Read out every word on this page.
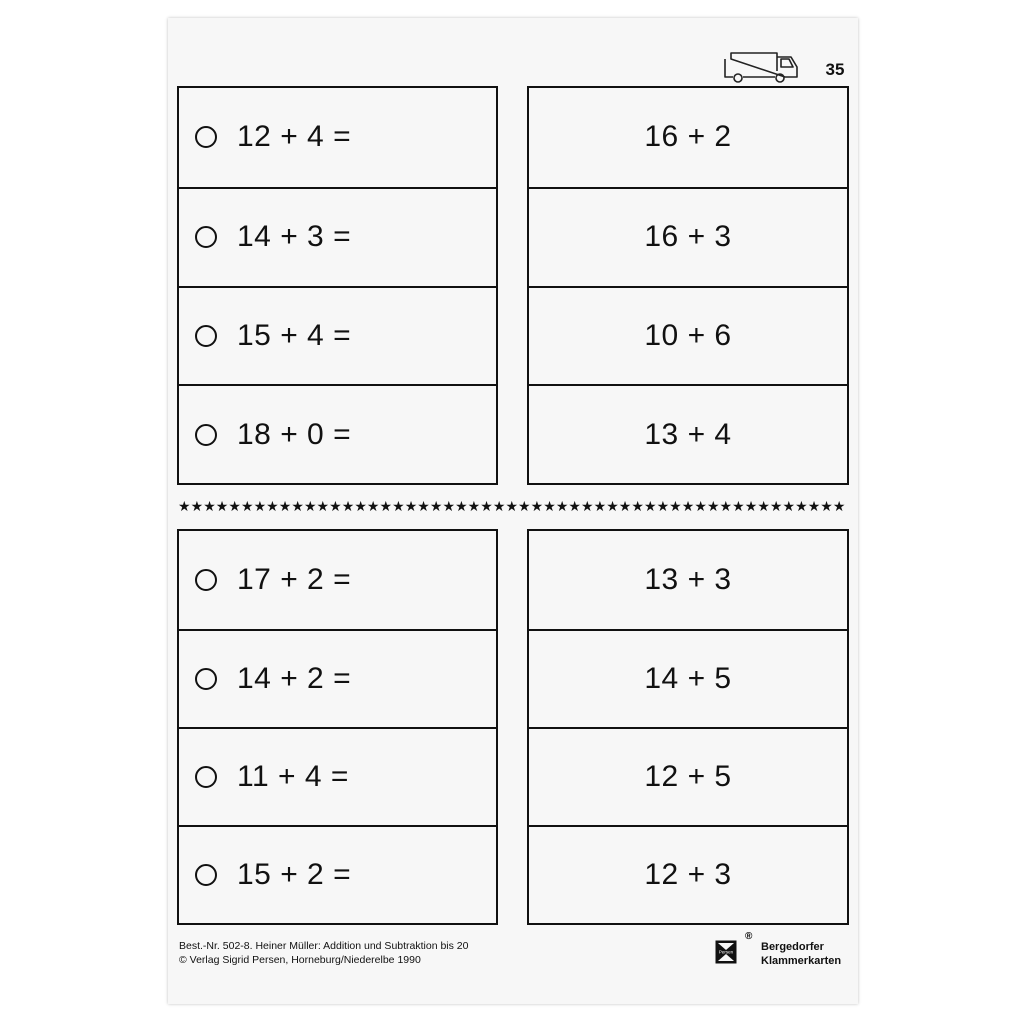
35
12 + 4 =
14 + 3 =
15 + 4 =
18 + 0 =
16 + 2
16 + 3
10 + 6
13 + 4
★ ★ ★ ★ ★ ★ ★ ★ ★ ★ ★ ★ ★ ★ ★ ★ ★ ★ ★ ★ ★ ★ ★ ★ ★ ★ ★ ★ ★ ★ ★ ★ ★ ★ ★ ★ ★ ★ ★ ★ ★ ★ ★ ★ ★ ★ ★ ★ ★ ★ ★ ★ ★
17 + 2 =
14 + 2 =
11 + 4 =
15 + 2 =
13 + 3
14 + 5
12 + 5
12 + 3
Best.-Nr. 502-8. Heiner Müller: Addition und Subtraktion bis 20
© Verlag Sigrid Persen, Horneburg/Niederelbe 1990
Persen
®
Bergedorfer
Klammerkarten
